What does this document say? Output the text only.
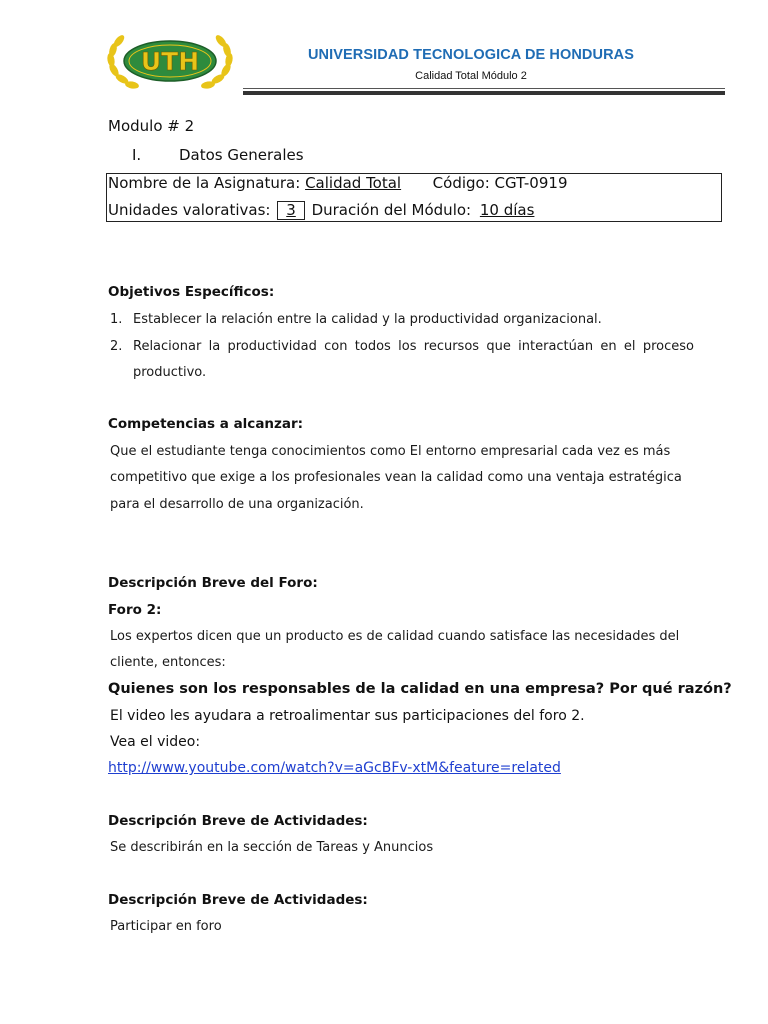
UTH	UNIVERSIDAD TECNOLOGICA DE HONDURAS
Calidad Total Módulo 2
Modulo # 2
I.	Datos Generales
Nombre de la Asignatura: Calidad Total Código: CGT-0919
Unidades valorativas: 3 Duración del Módulo: 10 días
Objetivos Específicos:
1. Establecer la relación entre la calidad y la productividad organizacional.
2. Relacionar la productividad con todos los recursos que interactúan en el proceso
productivo.
Competencias a alcanzar:
Que el estudiante tenga conocimientos como El entorno empresarial cada vez es más
competitivo que exige a los profesionales vean la calidad como una ventaja estratégica
para el desarrollo de una organización.
Descripción Breve del Foro:
Foro 2:
Los expertos dicen que un producto es de calidad cuando satisface las necesidades del
cliente, entonces:
Quienes son los responsables de la calidad en una empresa? Por qué razón?
El video les ayudara a retroalimentar sus participaciones del foro 2.
Vea el video:
http://www.youtube.com/watch?v=aGcBFv-xtM&feature=related
Descripción Breve de Actividades:
Se describirán en la sección de Tareas y Anuncios
Descripción Breve de Actividades:
Participar en foro
